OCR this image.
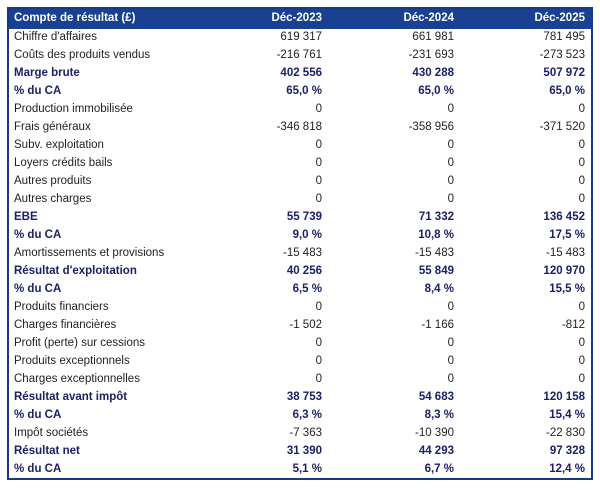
Compte de résultat (£)	Déc-2023	Déc-2024	Déc-2025
Chiffre d'affaires	619 317	661 981	781 495
Coûts des produits vendus	-216 761	-231 693	-273 523
Marge brute	402 556	430 288	507 972
% du CA	65,0 %	65,0 %	65,0 %
Production immobilisée	0	0	0
Frais généraux	-346 818	-358 956	-371 520
Subv. exploitation	0	0	0
Loyers crédits bails	0	0	0
Autres produits	0	0	0
Autres charges	0	0	0
EBE	55 739	71 332	136 452
% du CA	9,0 %	10,8 %	17,5 %
Amortissements et provisions	-15 483	-15 483	-15 483
Résultat d'exploitation	40 256	55 849	120 970
% du CA	6,5 %	8,4 %	15,5 %
Produits financiers	0	0	0
Charges financières	-1 502	-1 166	-812
Profit (perte) sur cessions	0	0	0
Produits exceptionnels	0	0	0
Charges exceptionnelles	0	0	0
Résultat avant impôt	38 753	54 683	120 158
% du CA	6,3 %	8,3 %	15,4 %
Impôt sociétés	-7 363	-10 390	-22 830
Résultat net	31 390	44 293	97 328
% du CA	5,1 %	6,7 %	12,4 %
